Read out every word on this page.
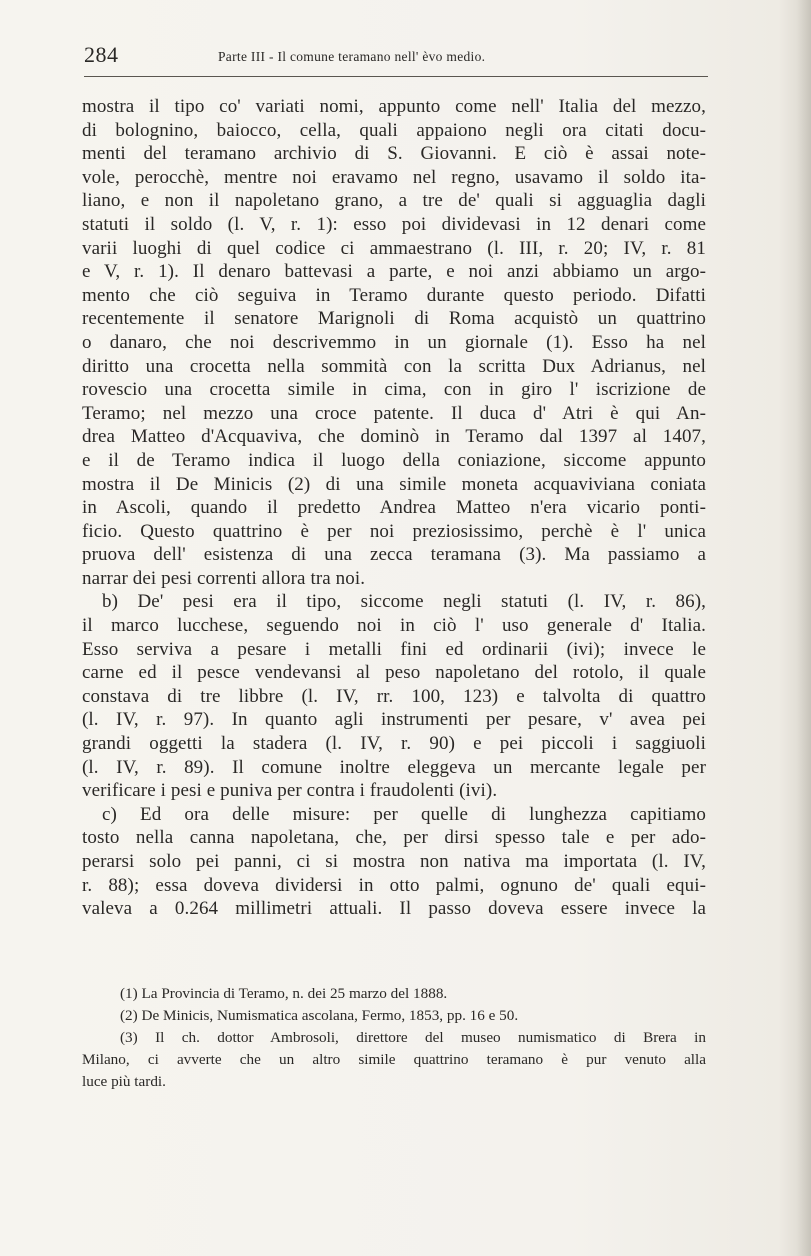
284	Parte III - Il comune teramano nell' èvo medio.
mostra il tipo co' variati nomi, appunto come nell' Italia del mezzo,
di bolognino, baiocco, cella, quali appaiono negli ora citati docu-
menti del teramano archivio di S. Giovanni. E ciò è assai note-
vole, perocchè, mentre noi eravamo nel regno, usavamo il soldo ita-
liano, e non il napoletano grano, a tre de' quali si agguaglia dagli
statuti il soldo (l. V, r. 1): esso poi dividevasi in 12 denari come
varii luoghi di quel codice ci ammaestrano (l. III, r. 20; IV, r. 81
e V, r. 1). Il denaro battevasi a parte, e noi anzi abbiamo un argo-
mento che ciò seguiva in Teramo durante questo periodo. Difatti
recentemente il senatore Marignoli di Roma acquistò un quattrino
o danaro, che noi descrivemmo in un giornale (1). Esso ha nel
diritto una crocetta nella sommità con la scritta Dux Adrianus, nel
rovescio una crocetta simile in cima, con in giro l' iscrizione de
Teramo; nel mezzo una croce patente. Il duca d' Atri è qui An-
drea Matteo d'Acquaviva, che dominò in Teramo dal 1397 al 1407,
e il de Teramo indica il luogo della coniazione, siccome appunto
mostra il De Minicis (2) di una simile moneta acquaviviana coniata
in Ascoli, quando il predetto Andrea Matteo n'era vicario ponti-
ficio. Questo quattrino è per noi preziosissimo, perchè è l' unica
pruova dell' esistenza di una zecca teramana (3). Ma passiamo a
narrar dei pesi correnti allora tra noi.
b) De' pesi era il tipo, siccome negli statuti (l. IV, r. 86),
il marco lucchese, seguendo noi in ciò l' uso generale d' Italia.
Esso serviva a pesare i metalli fini ed ordinarii (ivi); invece le
carne ed il pesce vendevansi al peso napoletano del rotolo, il quale
constava di tre libbre (l. IV, rr. 100, 123) e talvolta di quattro
(l. IV, r. 97). In quanto agli instrumenti per pesare, v' avea pei
grandi oggetti la stadera (l. IV, r. 90) e pei piccoli i saggiuoli
(l. IV, r. 89). Il comune inoltre eleggeva un mercante legale per
verificare i pesi e puniva per contra i fraudolenti (ivi).
c) Ed ora delle misure: per quelle di lunghezza capitiamo
tosto nella canna napoletana, che, per dirsi spesso tale e per ado-
perarsi solo pei panni, ci si mostra non nativa ma importata (l. IV,
r. 88); essa doveva dividersi in otto palmi, ognuno de' quali equi-
valeva a 0.264 millimetri attuali. Il passo doveva essere invece la
(1) La Provincia di Teramo, n. dei 25 marzo del 1888.
(2) De Minicis, Numismatica ascolana, Fermo, 1853, pp. 16 e 50.
(3) Il ch. dottor Ambrosoli, direttore del museo numismatico di Brera in
Milano, ci avverte che un altro simile quattrino teramano è pur venuto alla
luce più tardi.
